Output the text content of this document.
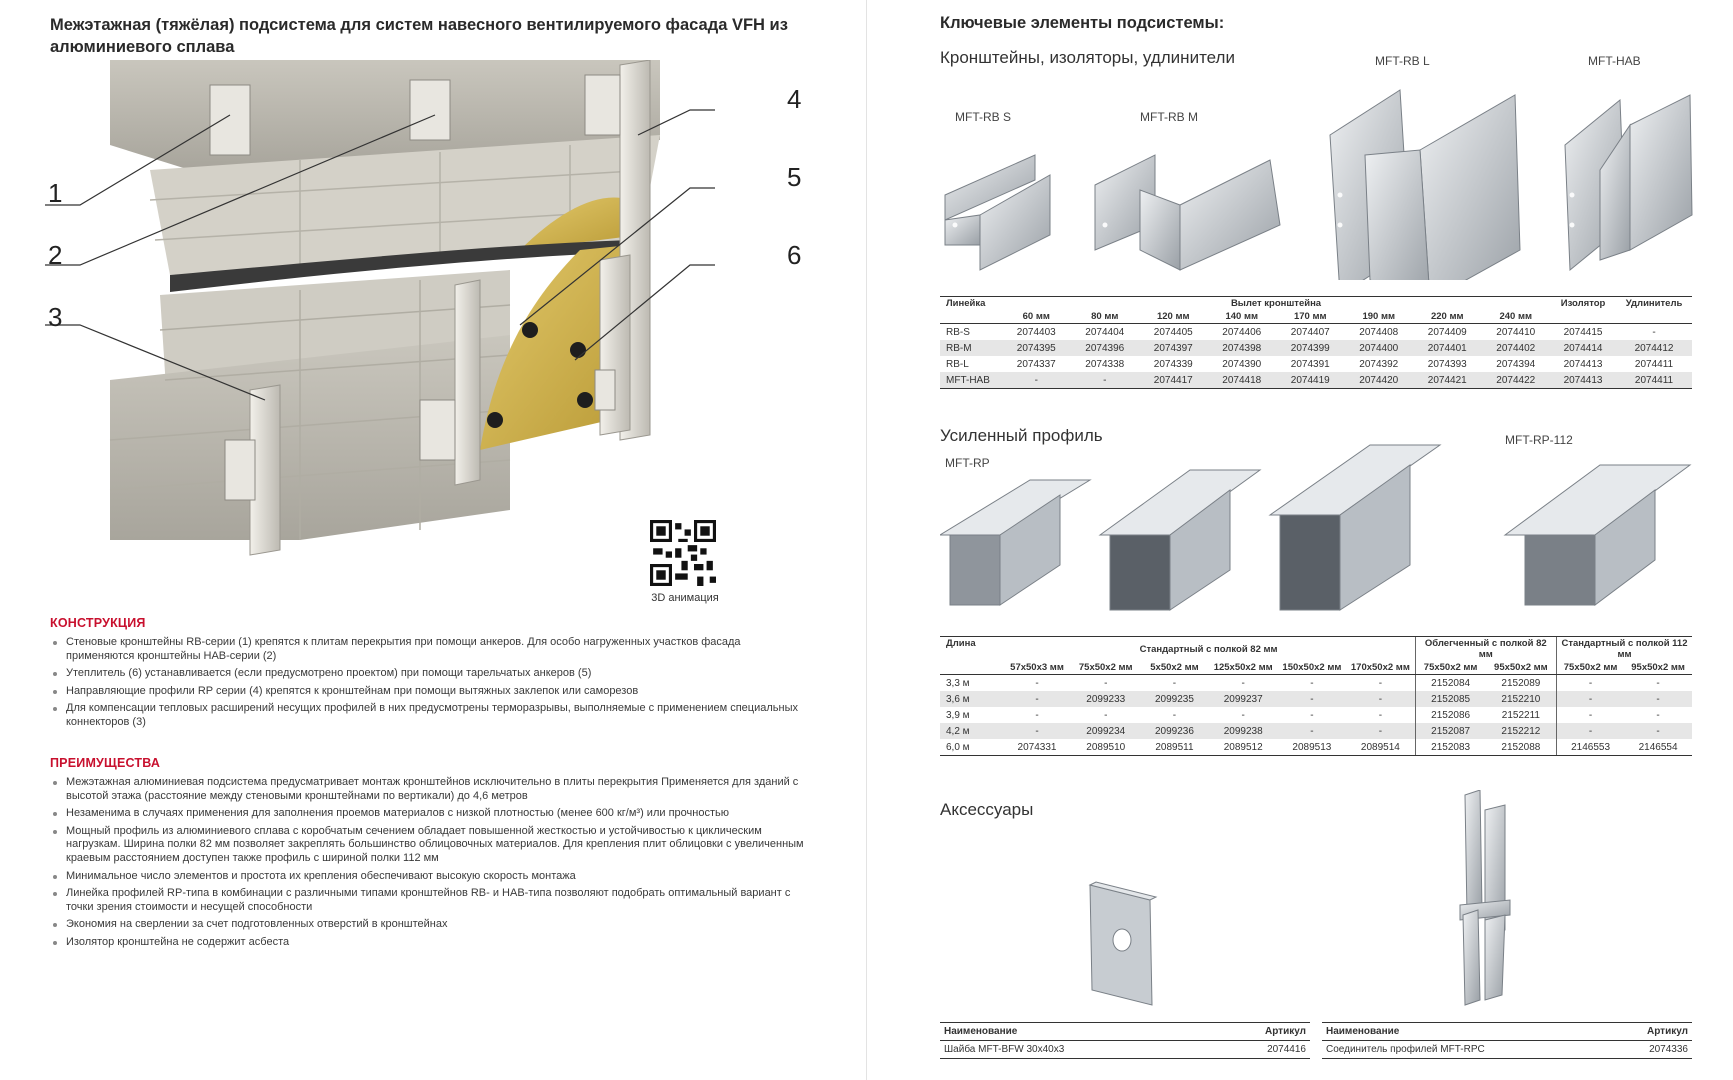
Межэтажная (тяжёлая) подсистема для систем навесного вентилируемого фасада VFH из алюминиевого сплава
1
2
3
4
5
6
3D анимация
КОНСТРУКЦИЯ
Стеновые кронштейны RB-серии (1) крепятся к плитам перекрытия при помощи анкеров. Для особо нагруженных участков фасада применяются кронштейны HAB-серии (2)
Утеплитель (6) устанавливается (если предусмотрено проектом) при помощи тарельчатых анкеров (5)
Направляющие профили RP серии (4) крепятся к кронштейнам при помощи вытяжных заклепок или саморезов
Для компенсации тепловых расширений несущих профилей в них предусмотрены терморазрывы, выполняемые с применением специальных коннекторов (3)
ПРЕИМУЩЕСТВА
Межэтажная алюминиевая подсистема предусматривает монтаж кронштейнов исключительно в плиты перекрытия Применяется для зданий с высотой этажа (расстояние между стеновыми кронштейнами по вертикали) до 4,6 метров
Незаменима в случаях применения для заполнения проемов материалов с низкой плотностью (менее 600 кг/м³) или прочностью
Мощный профиль из алюминиевого сплава с коробчатым сечением обладает повышенной жесткостью и устойчивостью к циклическим нагрузкам. Ширина полки 82 мм позволяет закреплять большинство облицовочных материалов. Для крепления плит облицовки с увеличенным краевым расстоянием доступен также профиль с шириной полки 112 мм
Минимальное число элементов и простота их крепления обеспечивают высокую скорость монтажа
Линейка профилей RP-типа в комбинации с различными типами кронштейнов RB- и HAB-типа позволяют подобрать оптимальный вариант с точки зрения стоимости и несущей способности
Экономия на сверлении за счет подготовленных отверстий в кронштейнах
Изолятор кронштейна не содержит асбеста
Ключевые элементы подсистемы:
Кронштейны, изоляторы, удлинители
MFT-RB S	MFT-RB M
MFT-RB L	MFT-HAB
Линейка	Вылет кронштейна								Изолятор	Удлинитель
	60 мм	80 мм	120 мм	140 мм	170 мм	190 мм	220 мм	240 мм		
RB-S	2074403	2074404	2074405	2074406	2074407	2074408	2074409	2074410	2074415	-
RB-M	2074395	2074396	2074397	2074398	2074399	2074400	2074401	2074402	2074414	2074412
RB-L	2074337	2074338	2074339	2074390	2074391	2074392	2074393	2074394	2074413	2074411
MFT-HAB	-	-	2074417	2074418	2074419	2074420	2074421	2074422	2074413	2074411
Усиленный профиль
MFT-RP
MFT-RP-112
Длина	Стандартный с полкой 82 мм						Облегченный с полкой 82 мм		Стандартный с полкой 112 мм	
	57x50x3 мм	75x50x2 мм	5x50x2 мм	125x50x2 мм	150x50x2 мм	170x50x2 мм	75x50x2 мм	95x50x2 мм	75x50x2 мм	95x50x2 мм
3,3 м	-	-	-	-	-	-	2152084	2152089	-	-
3,6 м	-	2099233	2099235	2099237	-	-	2152085	2152210	-	-
3,9 м	-	-	-	-	-	-	2152086	2152211	-	-
4,2 м	-	2099234	2099236	2099238	-	-	2152087	2152212	-	-
6,0 м	2074331	2089510	2089511	2089512	2089513	2089514	2152083	2152088	2146553	2146554
Аксессуары
Наименование	Артикул
Шайба MFT-BFW 30x40x3	2074416
Наименование	Артикул
Соединитель профилей MFT-RPC	2074336
